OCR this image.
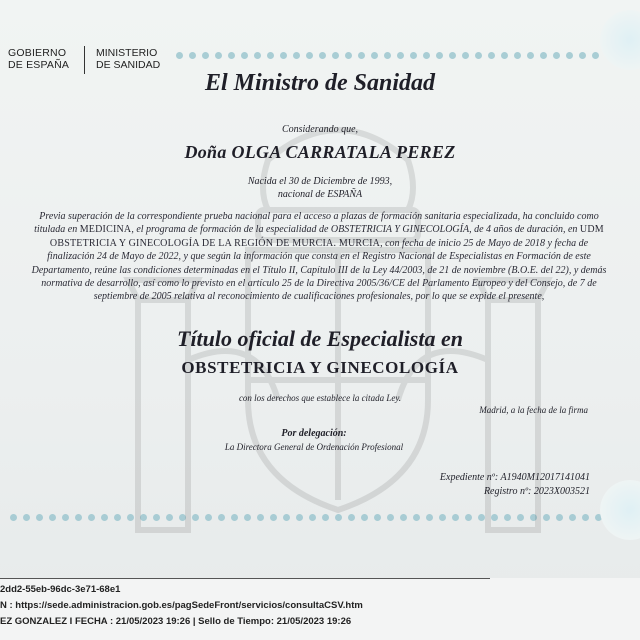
GOBIERNO
DE ESPAÑA
MINISTERIO
DE SANIDAD
El Ministro de Sanidad
Considerando que,
Doña OLGA CARRATALA PEREZ
Nacida el 30 de Diciembre de 1993,
nacional de ESPAÑA
Previa superación de la correspondiente prueba nacional para el acceso a plazas de formación sanitaria especializada, ha concluido como titulada en MEDICINA, el programa de formación de la especialidad de OBSTETRICIA Y GINECOLOGÍA, de 4 años de duración, en UDM OBSTETRICIA Y GINECOLOGÍA DE LA REGIÓN DE MURCIA. MURCIA, con fecha de inicio 25 de Mayo de 2018 y fecha de finalización 24 de Mayo de 2022, y que según la información que consta en el Registro Nacional de Especialistas en Formación de este Departamento, reúne las condiciones determinadas en el Título II, Capítulo III de la Ley 44/2003, de 21 de noviembre (B.O.E. del 22), y demás normativa de desarrollo, así como lo previsto en el artículo 25 de la Directiva 2005/36/CE del Parlamento Europeo y del Consejo, de 7 de septiembre de 2005 relativa al reconocimiento de cualificaciones profesionales, por lo que se expide el presente,
Título oficial de Especialista en
OBSTETRICIA Y GINECOLOGÍA
con los derechos que establece la citada Ley.
Madrid, a la fecha de la firma
Por delegación:
La Directora General de Ordenación Profesional
Expediente nº: A1940M12017141041
Registro nº: 2023X003521
2dd2-55eb-96dc-3e71-68e1
N : https://sede.administracion.gob.es/pagSedeFront/servicios/consultaCSV.htm
EZ GONZALEZ I FECHA : 21/05/2023 19:26 | Sello de Tiempo: 21/05/2023 19:26
